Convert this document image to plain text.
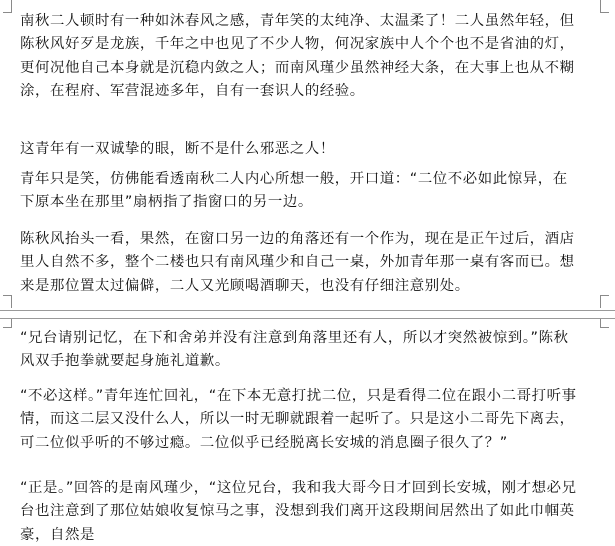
南秋二人顿时有一种如沐春风之感，青年笑的太纯净、太温柔了！二人虽然年轻，但陈秋风好歹是龙族，千年之中也见了不少人物，何况家族中人个个也不是省油的灯，更何况他自己本身就是沉稳内敛之人；而南风瑾少虽然神经大条，在大事上也从不糊涂，在程府、军营混迹多年，自有一套识人的经验。

这青年有一双诚挚的眼，断不是什么邪恶之人！

青年只是笑，仿佛能看透南秋二人内心所想一般，开口道：“二位不必如此惊异，在下原本坐在那里”扇柄指了指窗口的另一边。

陈秋风抬头一看，果然，在窗口另一边的角落还有一个作为，现在是正午过后，酒店里人自然不多，整个二楼也只有南风瑾少和自己一桌，外加青年那一桌有客而已。想来是那位置太过偏僻，二人又光顾喝酒聊天，也没有仔细注意别处。

“兄台请别记忆，在下和舍弟并没有注意到角落里还有人，所以才突然被惊到。”陈秋风双手抱拳就要起身施礼道歉。

“不必这样。”青年连忙回礼，“在下本无意打扰二位，只是看得二位在跟小二哥打听事情，而这二层又没什么人，所以一时无聊就跟着一起听了。只是这小二哥先下离去，可二位似乎听的不够过瘾。二位似乎已经脱离长安城的消息圈子很久了？”

“正是。”回答的是南风瑾少，“这位兄台，我和我大哥今日才回到长安城，刚才想必兄台也注意到了那位姑娘收复惊马之事，没想到我们离开这段期间居然出了如此巾帼英豪，自然是
